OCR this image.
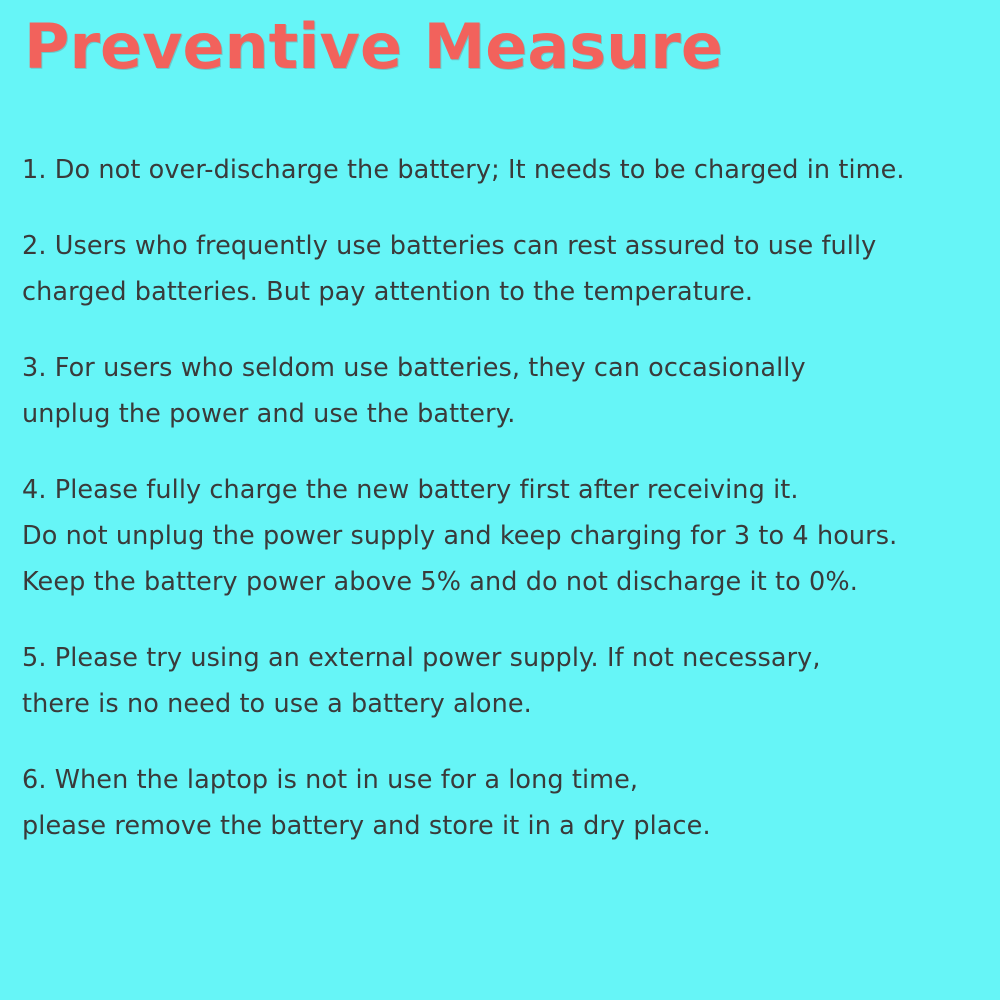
Preventive Measure

1. Do not over-discharge the battery; It needs to be charged in time.

2. Users who frequently use batteries can rest assured to use fully
charged batteries. But pay attention to the temperature.

3. For users who seldom use batteries, they can occasionally
unplug the power and use the battery.

4. Please fully charge the new battery first after receiving it.
Do not unplug the power supply and keep charging for 3 to 4 hours.
Keep the battery power above 5% and do not discharge it to 0%.

5. Please try using an external power supply. If not necessary,
there is no need to use a battery alone.

6. When the laptop is not in use for a long time,
please remove the battery and store it in a dry place.
